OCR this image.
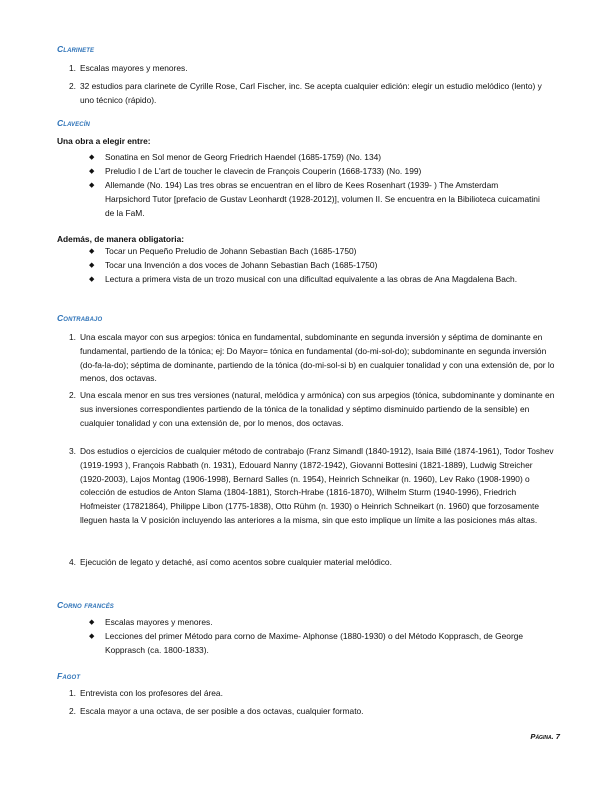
Clarinete
1. Escalas mayores y menores.
2. 32 estudios para clarinete de Cyrille Rose, Carl Fischer, inc. Se acepta cualquier edición: elegir un estudio melódico (lento) y uno técnico (rápido).
Clavecín
Una obra a elegir entre:
◆ Sonatina en Sol menor de Georg Friedrich Haendel (1685-1759) (No. 134)
◆ Preludio I de L'art de toucher le clavecin de François Couperin (1668-1733) (No. 199)
◆ Allemande (No. 194) Las tres obras se encuentran en el libro de Kees Rosenhart (1939- ) The Amsterdam Harpsichord Tutor [prefacio de Gustav Leonhardt (1928-2012)], volumen II. Se encuentra en la Bibilioteca cuicamatini de la FaM.
Además, de manera obligatoria:
◆ Tocar un Pequeño Preludio de Johann Sebastian Bach (1685-1750)
◆ Tocar una Invención a dos voces de Johann Sebastian Bach (1685-1750)
◆ Lectura a primera vista de un trozo musical con una dificultad equivalente a las obras de Ana Magdalena Bach.
Contrabajo
1. Una escala mayor con sus arpegios: tónica en fundamental, subdominante en segunda inversión y séptima de dominante en fundamental, partiendo de la tónica; ej: Do Mayor= tónica en fundamental (do-mi-sol-do); subdominante en segunda inversión (do-fa-la-do); séptima de dominante, partiendo de la tónica (do-mi-sol-si b) en cualquier tonalidad y con una extensión de, por lo menos, dos octavas.
2. Una escala menor en sus tres versiones (natural, melódica y armónica) con sus arpegios (tónica, subdominante y dominante en sus inversiones correspondientes partiendo de la tónica de la tonalidad y séptimo disminuido partiendo de la sensible) en cualquier tonalidad y con una extensión de, por lo menos, dos octavas.
3. Dos estudios o ejercicios de cualquier método de contrabajo (Franz Simandl (1840-1912), Isaia Billé (1874-1961), Todor Toshev (1919-1993 ), François Rabbath (n. 1931), Edouard Nanny (1872-1942), Giovanni Bottesini (1821-1889), Ludwig Streicher (1920-2003), Lajos Montag (1906-1998), Bernard Salles (n. 1954), Heinrich Schneikar (n. 1960), Lev Rako (1908-1990) o colección de estudios de Anton Slama (1804-1881), Storch-Hrabe (1816-1870), Wilhelm Sturm (1940-1996), Friedrich Hofmeister (17821864), Philippe Libon (1775-1838), Otto Rühm (n. 1930) o Heinrich Schneikart (n. 1960) que forzosamente lleguen hasta la V posición incluyendo las anteriores a la misma, sin que esto implique un límite a las posiciones más altas.
4. Ejecución de legato y detaché, así como acentos sobre cualquier material melódico.
Corno francés
◆ Escalas mayores y menores.
◆ Lecciones del primer Método para corno de Maxime- Alphonse (1880-1930) o del Método Kopprasch, de George Kopprasch (ca. 1800-1833).
Fagot
1. Entrevista con los profesores del área.
2. Escala mayor a una octava, de ser posible a dos octavas, cualquier formato.
Página. 7
